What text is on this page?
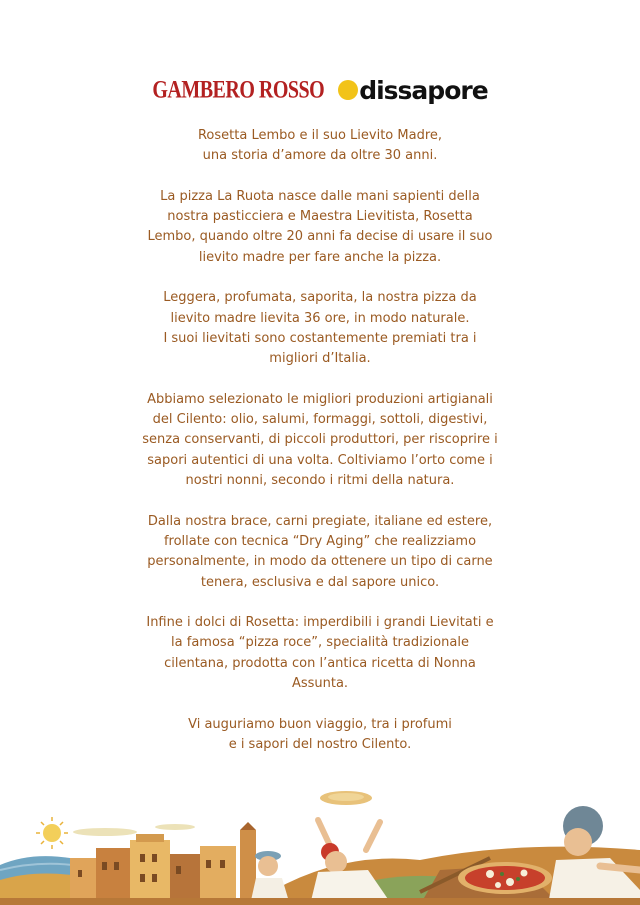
GAMBERO ROSSO dissapore

Rosetta Lembo e il suo Lievito Madre,
una storia d’amore da oltre 30 anni.

La pizza La Ruota nasce dalle mani sapienti della
nostra pasticciera e Maestra Lievitista, Rosetta
Lembo, quando oltre 20 anni fa decise di usare il suo
lievito madre per fare anche la pizza.

Leggera, profumata, saporita, la nostra pizza da
lievito madre lievita 36 ore, in modo naturale.
I suoi lievitati sono costantemente premiati tra i
migliori d’Italia.

Abbiamo selezionato le migliori produzioni artigianali
del Cilento: olio, salumi, formaggi, sottoli, digestivi,
senza conservanti, di piccoli produttori, per riscoprire i
sapori autentici di una volta. Coltiviamo l’orto come i
nostri nonni, secondo i ritmi della natura.

Dalla nostra brace, carni pregiate, italiane ed estere,
frollate con tecnica “Dry Aging” che realizziamo
personalmente, in modo da ottenere un tipo di carne
tenera, esclusiva e dal sapore unico.

Infine i dolci di Rosetta: imperdibili i grandi Lievitati e
la famosa “pizza roce”, specialità tradizionale
cilentana, prodotta con l’antica ricetta di Nonna
Assunta.

Vi auguriamo buon viaggio, tra i profumi
e i sapori del nostro Cilento.
